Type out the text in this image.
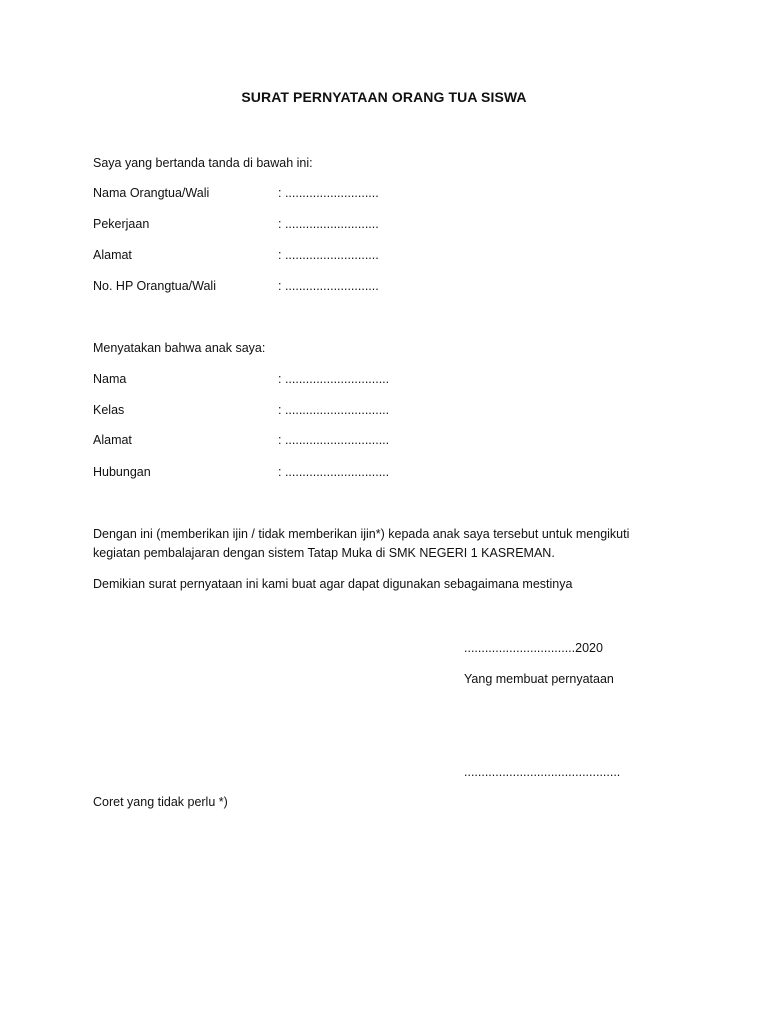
SURAT PERNYATAAN ORANG TUA SISWA
Saya yang bertanda tanda di bawah ini:
Nama Orangtua/Wali	: ...........................
Pekerjaan	: ...........................
Alamat	: ...........................
No. HP Orangtua/Wali	: ...........................
Menyatakan bahwa anak saya:
Nama	: ..............................
Kelas	: ..............................
Alamat	: ..............................
Hubungan	: ..............................
Dengan ini (memberikan ijin / tidak memberikan ijin*) kepada anak saya tersebut untuk mengikuti
kegiatan pembalajaran dengan sistem Tatap Muka di SMK NEGERI 1 KASREMAN.
Demikian surat pernyataan ini kami buat agar dapat digunakan sebagaimana mestinya
................................2020
Yang membuat pernyataan
.............................................
Coret yang tidak perlu *)
